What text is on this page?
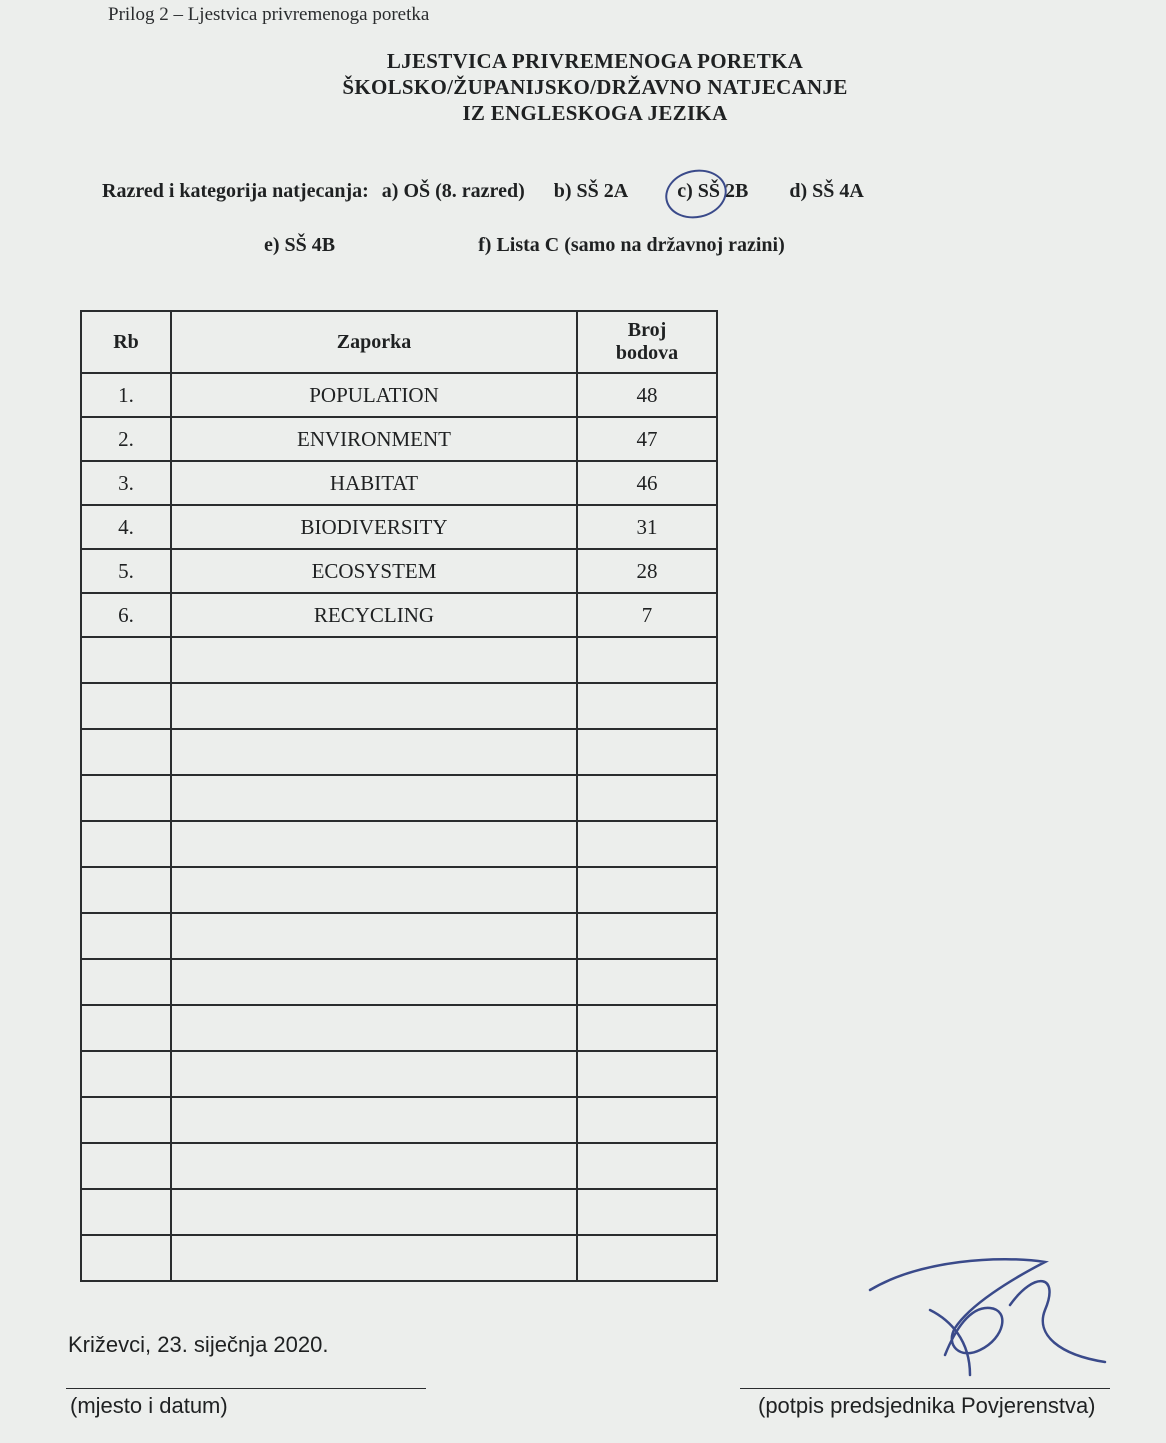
Prilog 2 – Ljestvica privremenoga poretka
LJESTVICA PRIVREMENOGA PORETKA
ŠKOLSKO/ŽUPANIJSKO/DRŽAVNO NATJECANJE
IZ ENGLESKOGA JEZIKA
Razred i kategorija natjecanja: a) OŠ (8. razred) b) SŠ 2A c) SŠ 2B d) SŠ 4A
e) SŠ 4B	f) Lista C (samo na državnoj razini)
Rb	Zaporka	Broj
bodova

1.	POPULATION	48
2.	ENVIRONMENT	47
3.	HABITAT	46
4.	BIODIVERSITY	31
5.	ECOSYSTEM	28
6.	RECYCLING	7

Križevci, 23. siječnja 2020.
(mjesto i datum)	(potpis predsjednika Povjerenstva)
